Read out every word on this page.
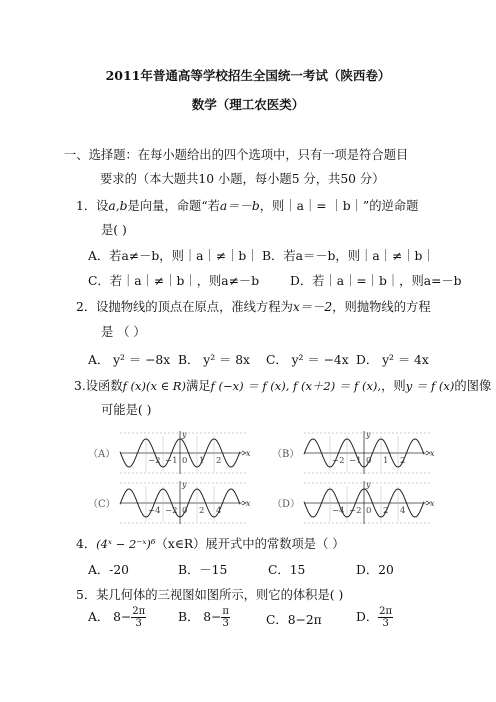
2011年普通高等学校招生全国统一考试（陕西卷）
数学（理工农医类）
一、选择题：在每小题给出的四个选项中，只有一项是符合题目
要求的（本大题共10 小题，每小题5 分，共50 分）
1．设a,b是向量，命题“若a＝－b，则｜a｜= ｜b｜”的逆命题
是( )
A．若a≠－b，则｜a｜≠｜b｜ B．若a＝－b，则｜a｜≠｜b｜
C．若｜a｜≠｜b｜，则a≠－b	D．若｜a｜=｜b｜，则a=－b
2．设抛物线的顶点在原点，准线方程为x＝－2，则抛物线的方程
是 （ ）
A． y² ＝ −8x B． y² ＝ 8x C． y² ＝ −4x D． y² ＝ 4x
3.设函数f (x)(x ∈ R)满足f (−x) ＝ f (x), f (x＋2) ＝ f (x),，则y ＝ f (x)的图像
可能是( )
（A）	x
y
−2 −1 0 1 2
（B）	x
y
−2 −1 0 1 2
（C）	x
y
−4 −2 0 2 4
（D）	x
y
−4 −2 0 2 4
4．(4ˣ − 2⁻ˣ)⁶（x∈R）展开式中的常数项是（ ）
A．-20	B．－15	C．15	D．20
5．某几何体的三视图如图所示，则它的体积是( )
A． $8- \frac{2\pi}{3}$	B． $8- \frac{\pi}{3}$	C．8−2π	D． $\frac{2\pi}{3}$
